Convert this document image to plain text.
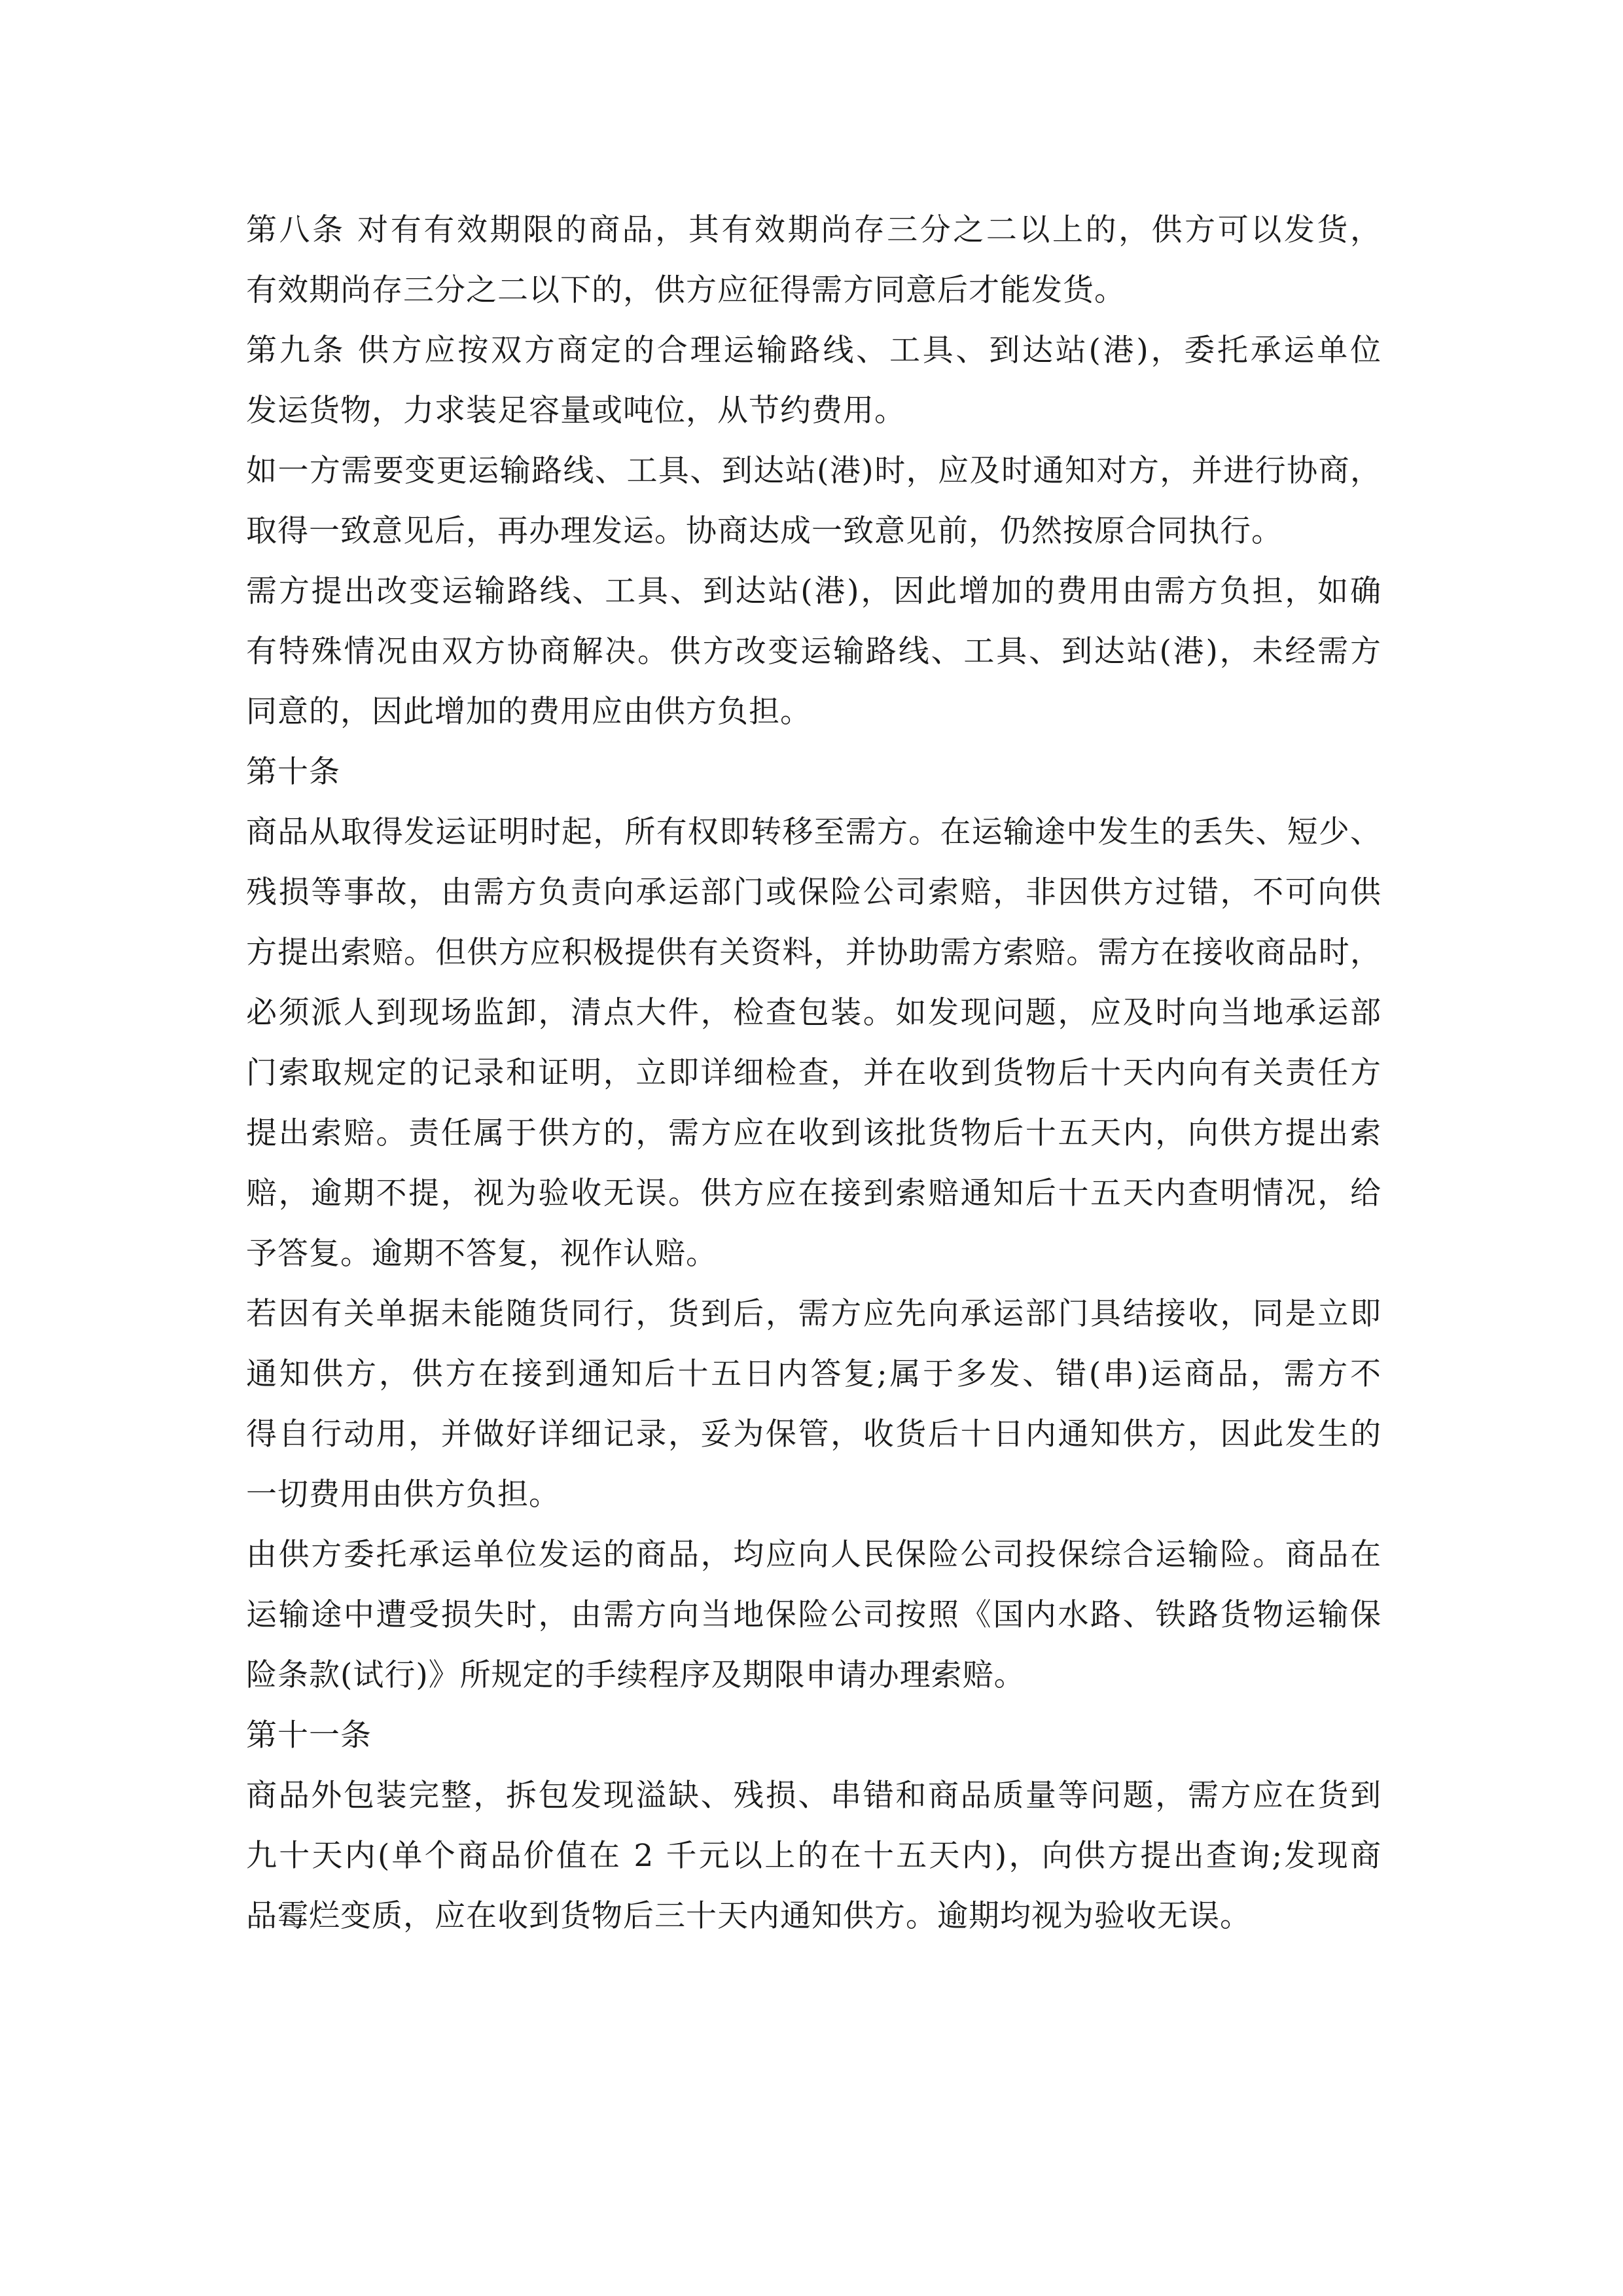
第八条 对有有效期限的商品，其有效期尚存三分之二以上的，供方可以发货，
有效期尚存三分之二以下的，供方应征得需方同意后才能发货。
第九条 供方应按双方商定的合理运输路线、工具、到达站(港)，委托承运单位
发运货物，力求装足容量或吨位，从节约费用。
如一方需要变更运输路线、工具、到达站(港)时，应及时通知对方，并进行协商，
取得一致意见后，再办理发运。协商达成一致意见前，仍然按原合同执行。
需方提出改变运输路线、工具、到达站(港)，因此增加的费用由需方负担，如确
有特殊情况由双方协商解决。供方改变运输路线、工具、到达站(港)，未经需方
同意的，因此增加的费用应由供方负担。
第十条
商品从取得发运证明时起，所有权即转移至需方。在运输途中发生的丢失、短少、
残损等事故，由需方负责向承运部门或保险公司索赔，非因供方过错，不可向供
方提出索赔。但供方应积极提供有关资料，并协助需方索赔。需方在接收商品时，
必须派人到现场监卸，清点大件，检查包装。如发现问题，应及时向当地承运部
门索取规定的记录和证明，立即详细检查，并在收到货物后十天内向有关责任方
提出索赔。责任属于供方的，需方应在收到该批货物后十五天内，向供方提出索
赔，逾期不提，视为验收无误。供方应在接到索赔通知后十五天内查明情况，给
予答复。逾期不答复，视作认赔。
若因有关单据未能随货同行，货到后，需方应先向承运部门具结接收，同是立即
通知供方，供方在接到通知后十五日内答复;属于多发、错(串)运商品，需方不
得自行动用，并做好详细记录，妥为保管，收货后十日内通知供方，因此发生的
一切费用由供方负担。
由供方委托承运单位发运的商品，均应向人民保险公司投保综合运输险。商品在
运输途中遭受损失时，由需方向当地保险公司按照《国内水路、铁路货物运输保
险条款(试行)》所规定的手续程序及期限申请办理索赔。
第十一条
商品外包装完整，拆包发现溢缺、残损、串错和商品质量等问题，需方应在货到
九十天内(单个商品价值在 2 千元以上的在十五天内)，向供方提出查询;发现商
品霉烂变质，应在收到货物后三十天内通知供方。逾期均视为验收无误。
